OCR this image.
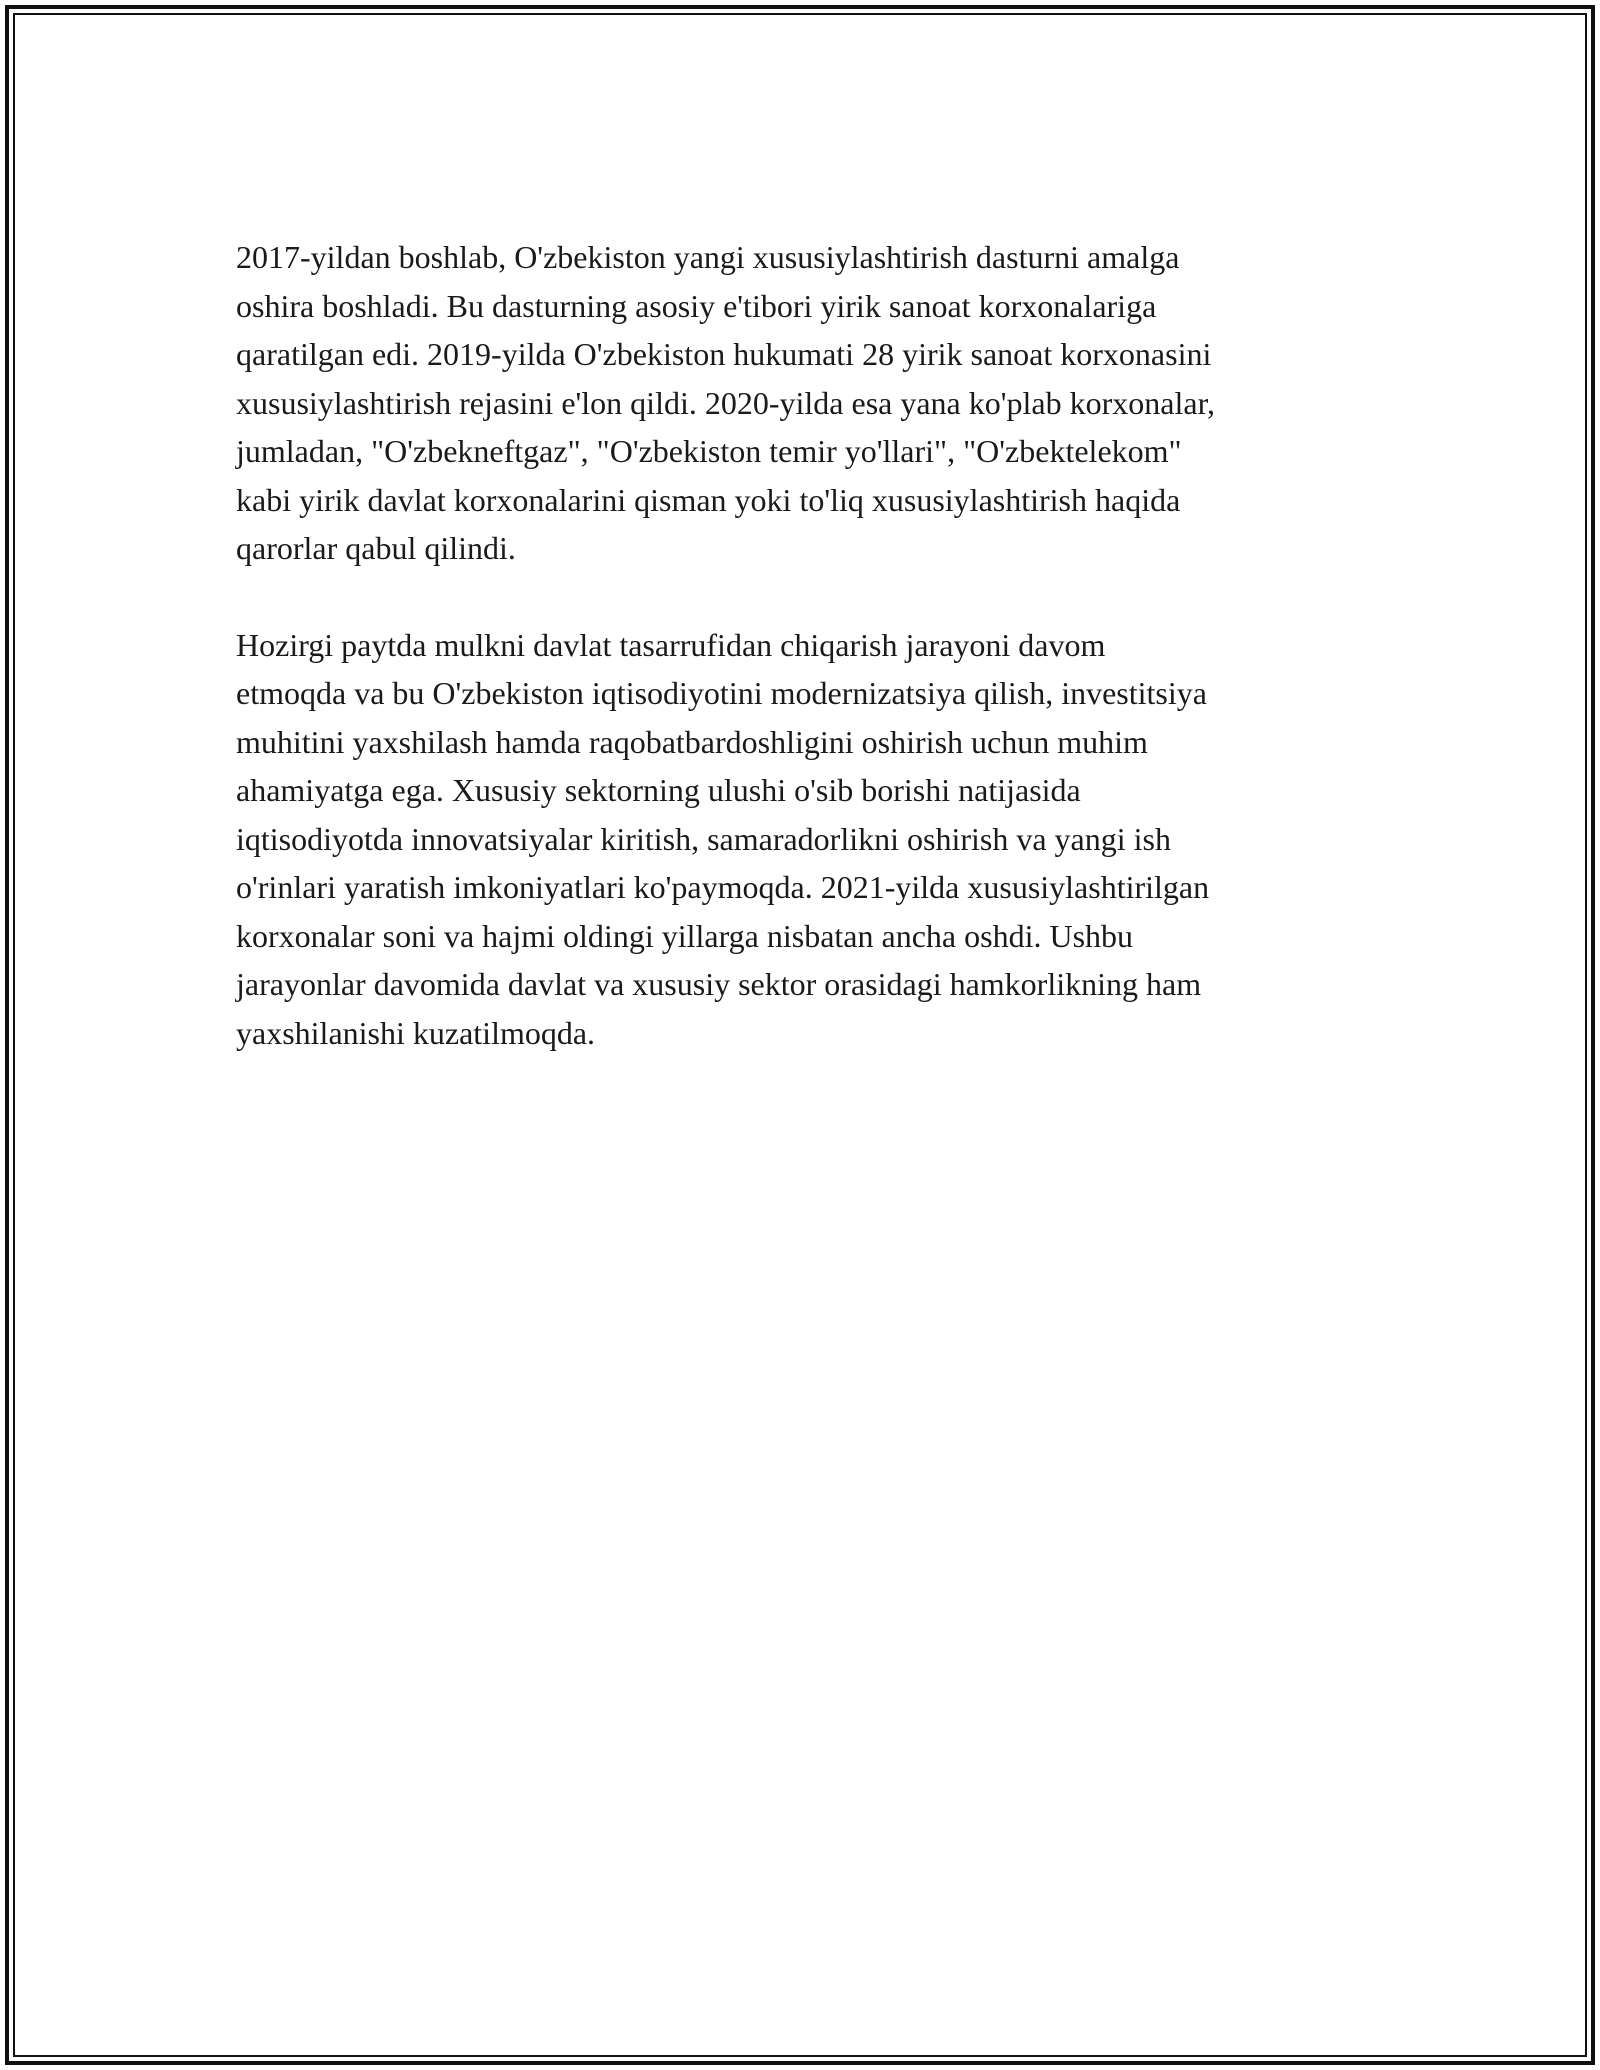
2017-yildan boshlab, O'zbekiston yangi xususiylashtirish dasturni amalga
oshira boshladi. Bu dasturning asosiy e'tibori yirik sanoat korxonalariga
qaratilgan edi. 2019-yilda O'zbekiston hukumati 28 yirik sanoat korxonasini
xususiylashtirish rejasini e'lon qildi. 2020-yilda esa yana ko'plab korxonalar,
jumladan, "O'zbekneftgaz", "O'zbekiston temir yo'llari", "O'zbektelekom"
kabi yirik davlat korxonalarini qisman yoki to'liq xususiylashtirish haqida
qarorlar qabul qilindi.

Hozirgi paytda mulkni davlat tasarrufidan chiqarish jarayoni davom
etmoqda va bu O'zbekiston iqtisodiyotini modernizatsiya qilish, investitsiya
muhitini yaxshilash hamda raqobatbardoshligini oshirish uchun muhim
ahamiyatga ega. Xususiy sektorning ulushi o'sib borishi natijasida
iqtisodiyotda innovatsiyalar kiritish, samaradorlikni oshirish va yangi ish
o'rinlari yaratish imkoniyatlari ko'paymoqda. 2021-yilda xususiylashtirilgan
korxonalar soni va hajmi oldingi yillarga nisbatan ancha oshdi. Ushbu
jarayonlar davomida davlat va xususiy sektor orasidagi hamkorlikning ham
yaxshilanishi kuzatilmoqda.
